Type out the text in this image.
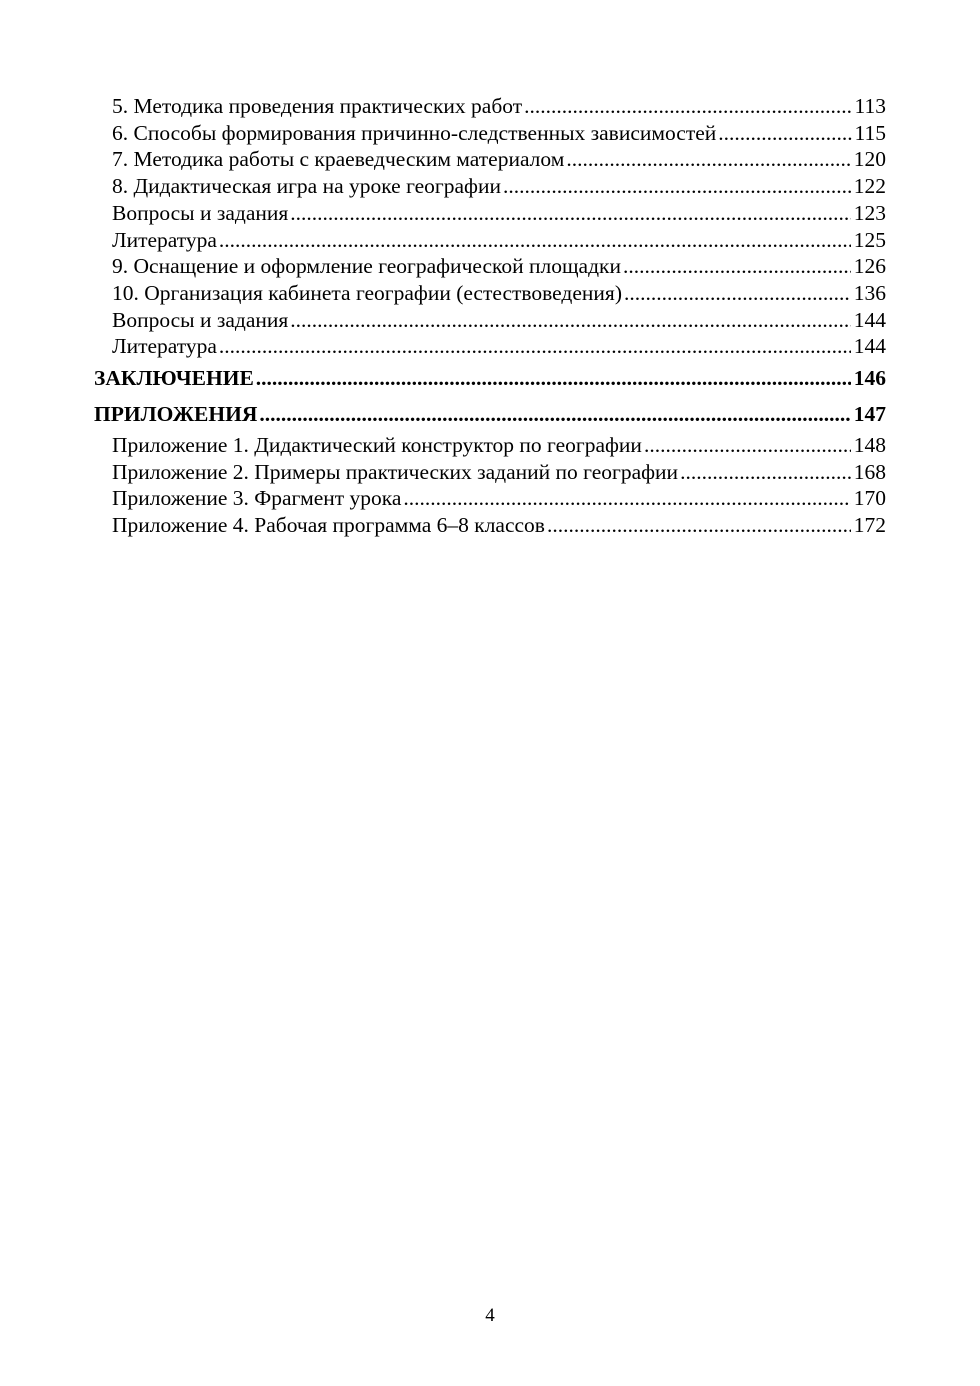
5. Методика проведения практических работ .....	113
6. Способы формирования причинно-следственных зависимостей .....	115
7. Методика работы с краеведческим материалом .....	120
8. Дидактическая игра на уроке географии .....	122
Вопросы и задания .....	123
Литература .....	125
9. Оснащение и оформление географической площадки .....	126
10. Организация кабинета географии (естествоведения) .....	136
Вопросы и задания .....	144
Литература .....	144
ЗАКЛЮЧЕНИЕ .....	146
ПРИЛОЖЕНИЯ .....	147
Приложение 1. Дидактический конструктор по географии .....	148
Приложение 2. Примеры практических заданий по географии .....	168
Приложение 3. Фрагмент урока .....	170
Приложение 4. Рабочая программа 6–8 классов .....	172
4
